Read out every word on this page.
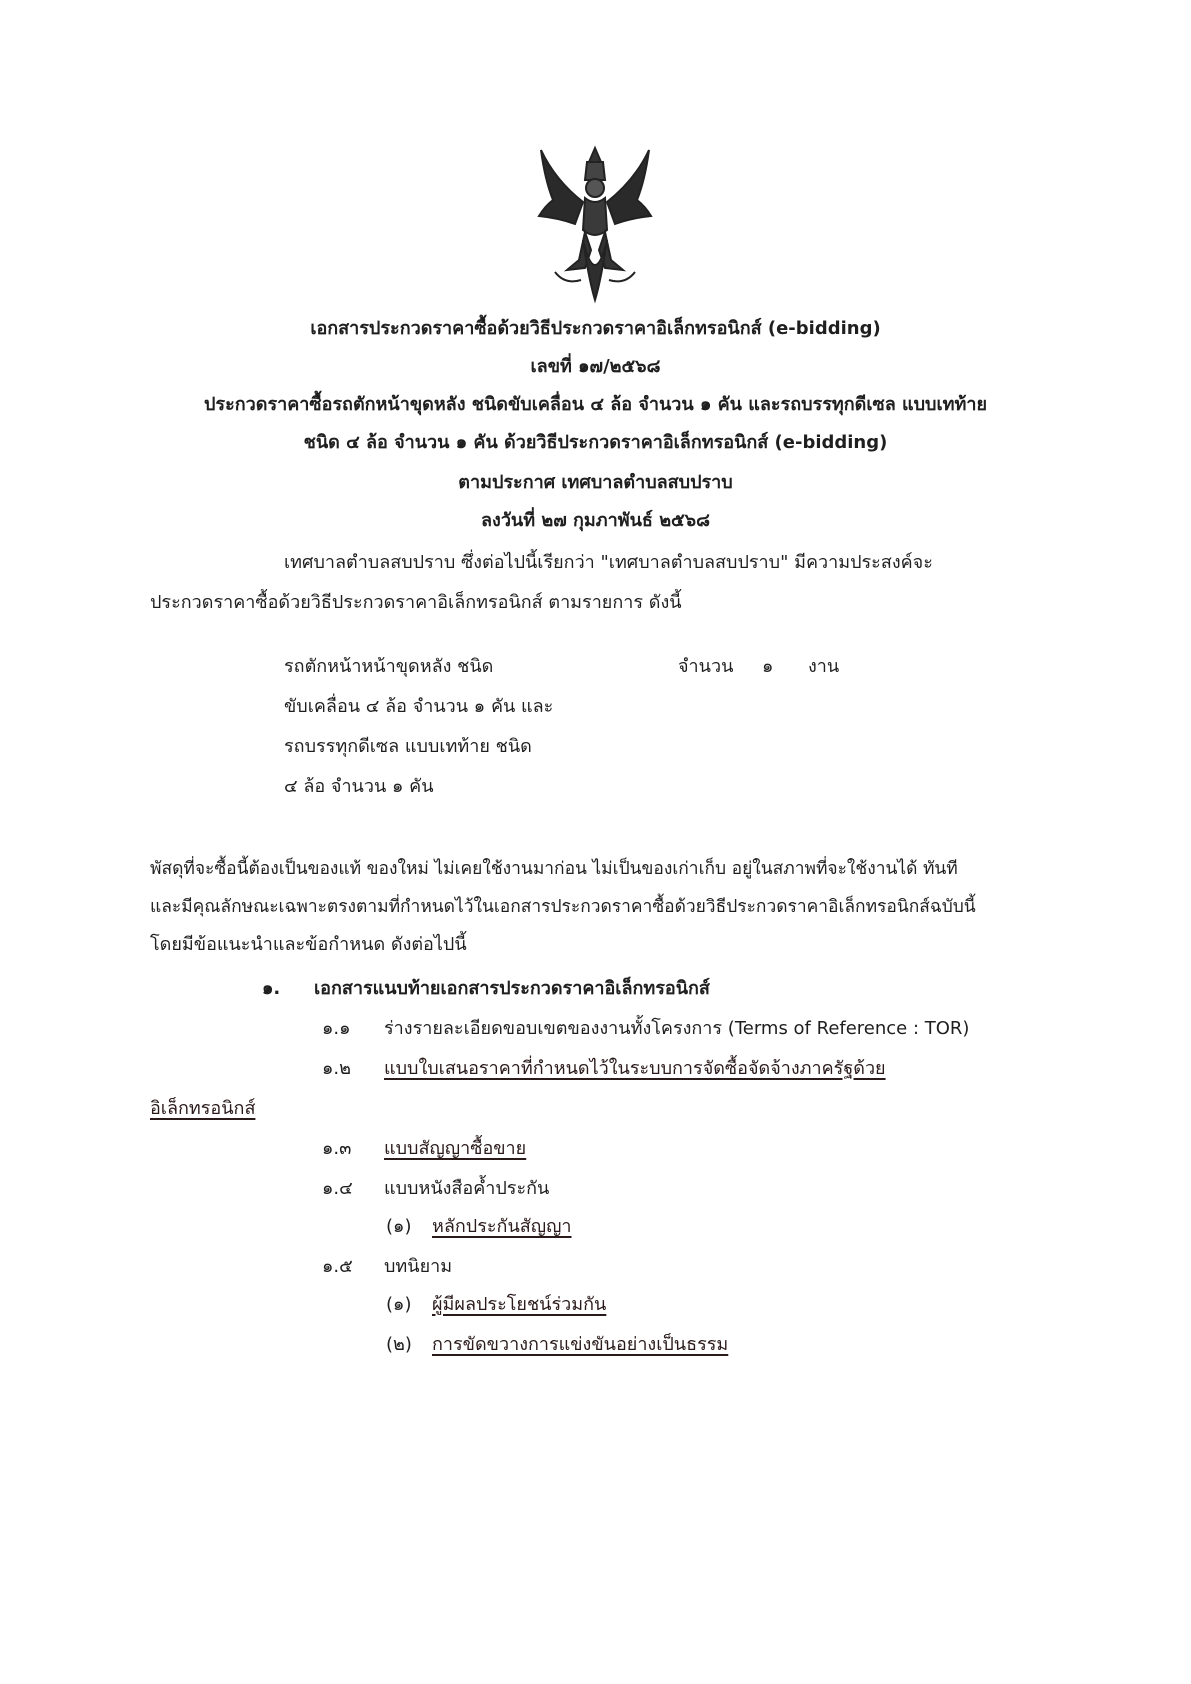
เอกสารประกวดราคาซื้อด้วยวิธีประกวดราคาอิเล็กทรอนิกส์ (e-bidding)
เลขที่ ๑๗/๒๕๖๘
ประกวดราคาซื้อรถตักหน้าขุดหลัง ชนิดขับเคลื่อน ๔ ล้อ จำนวน ๑ คัน และรถบรรทุกดีเซล แบบเทท้าย
ชนิด ๔ ล้อ จำนวน ๑ คัน ด้วยวิธีประกวดราคาอิเล็กทรอนิกส์ (e-bidding)
ตามประกาศ เทศบาลตำบลสบปราบ
ลงวันที่ ๒๗ กุมภาพันธ์ ๒๕๖๘
เทศบาลตำบลสบปราบ ซึ่งต่อไปนี้เรียกว่า "เทศบาลตำบลสบปราบ" มีความประสงค์จะ
ประกวดราคาซื้อด้วยวิธีประกวดราคาอิเล็กทรอนิกส์ ตามรายการ ดังนี้
รถตักหน้าหน้าขุดหลัง ชนิด
ขับเคลื่อน ๔ ล้อ จำนวน ๑ คัน และ
รถบรรทุกดีเซล แบบเทท้าย ชนิด
๔ ล้อ จำนวน ๑ คัน
จำนวน ๑ งาน
พัสดุที่จะซื้อนี้ต้องเป็นของแท้ ของใหม่ ไม่เคยใช้งานมาก่อน ไม่เป็นของเก่าเก็บ อยู่ในสภาพที่จะใช้งานได้ ทันที
และมีคุณลักษณะเฉพาะตรงตามที่กำหนดไว้ในเอกสารประกวดราคาซื้อด้วยวิธีประกวดราคาอิเล็กทรอนิกส์ฉบับนี้
โดยมีข้อแนะนำและข้อกำหนด ดังต่อไปนี้
๑. เอกสารแนบท้ายเอกสารประกวดราคาอิเล็กทรอนิกส์
๑.๑ ร่างรายละเอียดขอบเขตของงานทั้งโครงการ (Terms of Reference : TOR)
๑.๒ แบบใบเสนอราคาที่กำหนดไว้ในระบบการจัดซื้อจัดจ้างภาครัฐด้วย
อิเล็กทรอนิกส์
๑.๓ แบบสัญญาซื้อขาย
๑.๔ แบบหนังสือค้ำประกัน
(๑) หลักประกันสัญญา
๑.๕ บทนิยาม
(๑) ผู้มีผลประโยชน์ร่วมกัน
(๒) การขัดขวางการแข่งขันอย่างเป็นธรรม
